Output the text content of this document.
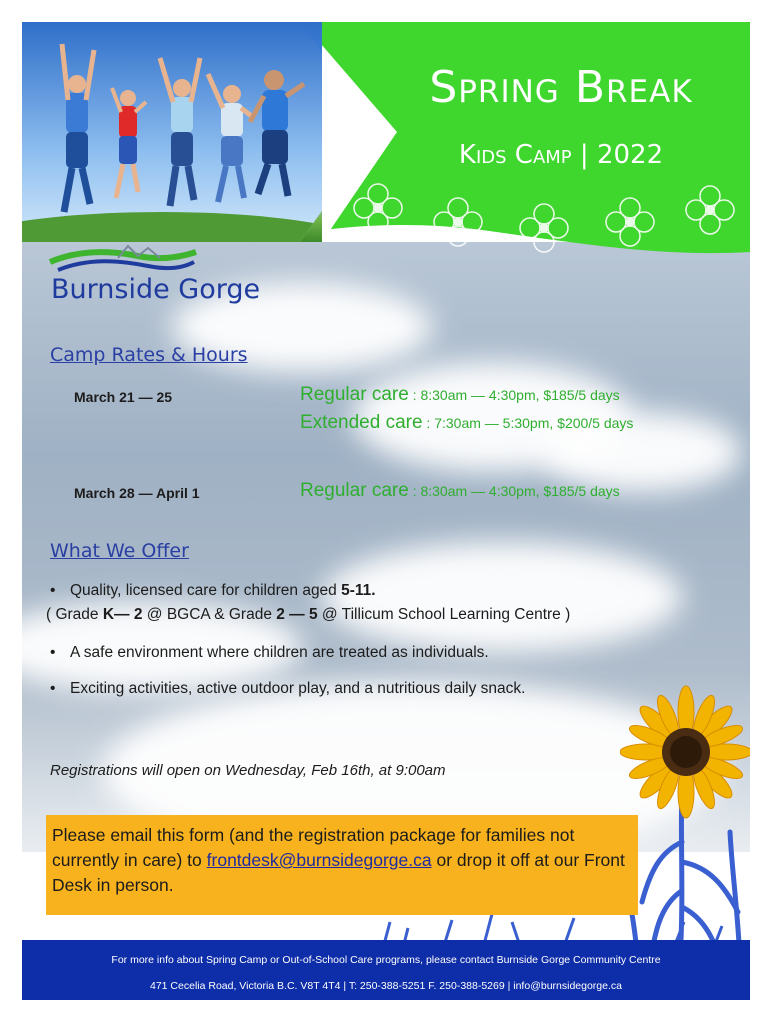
Spring Break
Kids Camp | 2022
Burnside Gorge
Camp Rates & Hours
March 21 — 25	Regular care : 8:30am — 4:30pm, $185/5 days
Extended care : 7:30am — 5:30pm, $200/5 days
March 28 — April 1	Regular care : 8:30am — 4:30pm, $185/5 days
What We Offer
• Quality, licensed care for children aged 5-11.
( Grade K— 2 @ BGCA & Grade 2 — 5 @ Tillicum School Learning Centre )
• A safe environment where children are treated as individuals.
• Exciting activities, active outdoor play, and a nutritious daily snack.
Registrations will open on Wednesday, Feb 16th, at 9:00am
Please email this form (and the registration package for families not currently in care) to frontdesk@burnsidegorge.ca or drop it off at our Front Desk in person.
For more info about Spring Camp or Out-of-School Care programs, please contact Burnside Gorge Community Centre
471 Cecelia Road, Victoria B.C. V8T 4T4 | T: 250-388-5251 F. 250-388-5269 | info@burnsidegorge.ca
